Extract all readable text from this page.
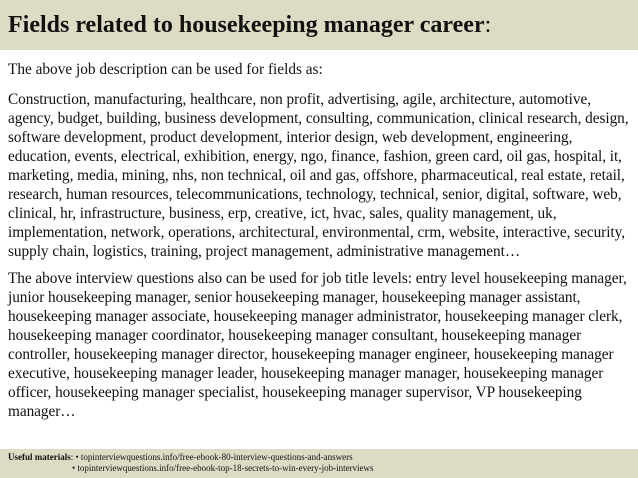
Fields related to housekeeping manager career:

The above job description can be used for fields as:

Construction, manufacturing, healthcare, non profit, advertising, agile, architecture, automotive, agency, budget, building, business development, consulting, communication, clinical research, design, software development, product development, interior design, web development, engineering, education, events, electrical, exhibition, energy, ngo, finance, fashion, green card, oil gas, hospital, it, marketing, media, mining, nhs, non technical, oil and gas, offshore, pharmaceutical, real estate, retail, research, human resources, telecommunications, technology, technical, senior, digital, software, web, clinical, hr, infrastructure, business, erp, creative, ict, hvac, sales, quality management, uk, implementation, network, operations, architectural, environmental, crm, website, interactive, security, supply chain, logistics, training, project management, administrative management…

The above interview questions also can be used for job title levels: entry level housekeeping manager, junior housekeeping manager, senior housekeeping manager, housekeeping manager assistant, housekeeping manager associate, housekeeping manager administrator, housekeeping manager clerk, housekeeping manager coordinator, housekeeping manager consultant, housekeeping manager controller, housekeeping manager director, housekeeping manager engineer, housekeeping manager executive, housekeeping manager leader, housekeeping manager manager, housekeeping manager officer, housekeeping manager specialist, housekeeping manager supervisor, VP housekeeping manager…

Useful materials: • topinterviewquestions.info/free-ebook-80-interview-questions-and-answers
• topinterviewquestions.info/free-ebook-top-18-secrets-to-win-every-job-interviews
